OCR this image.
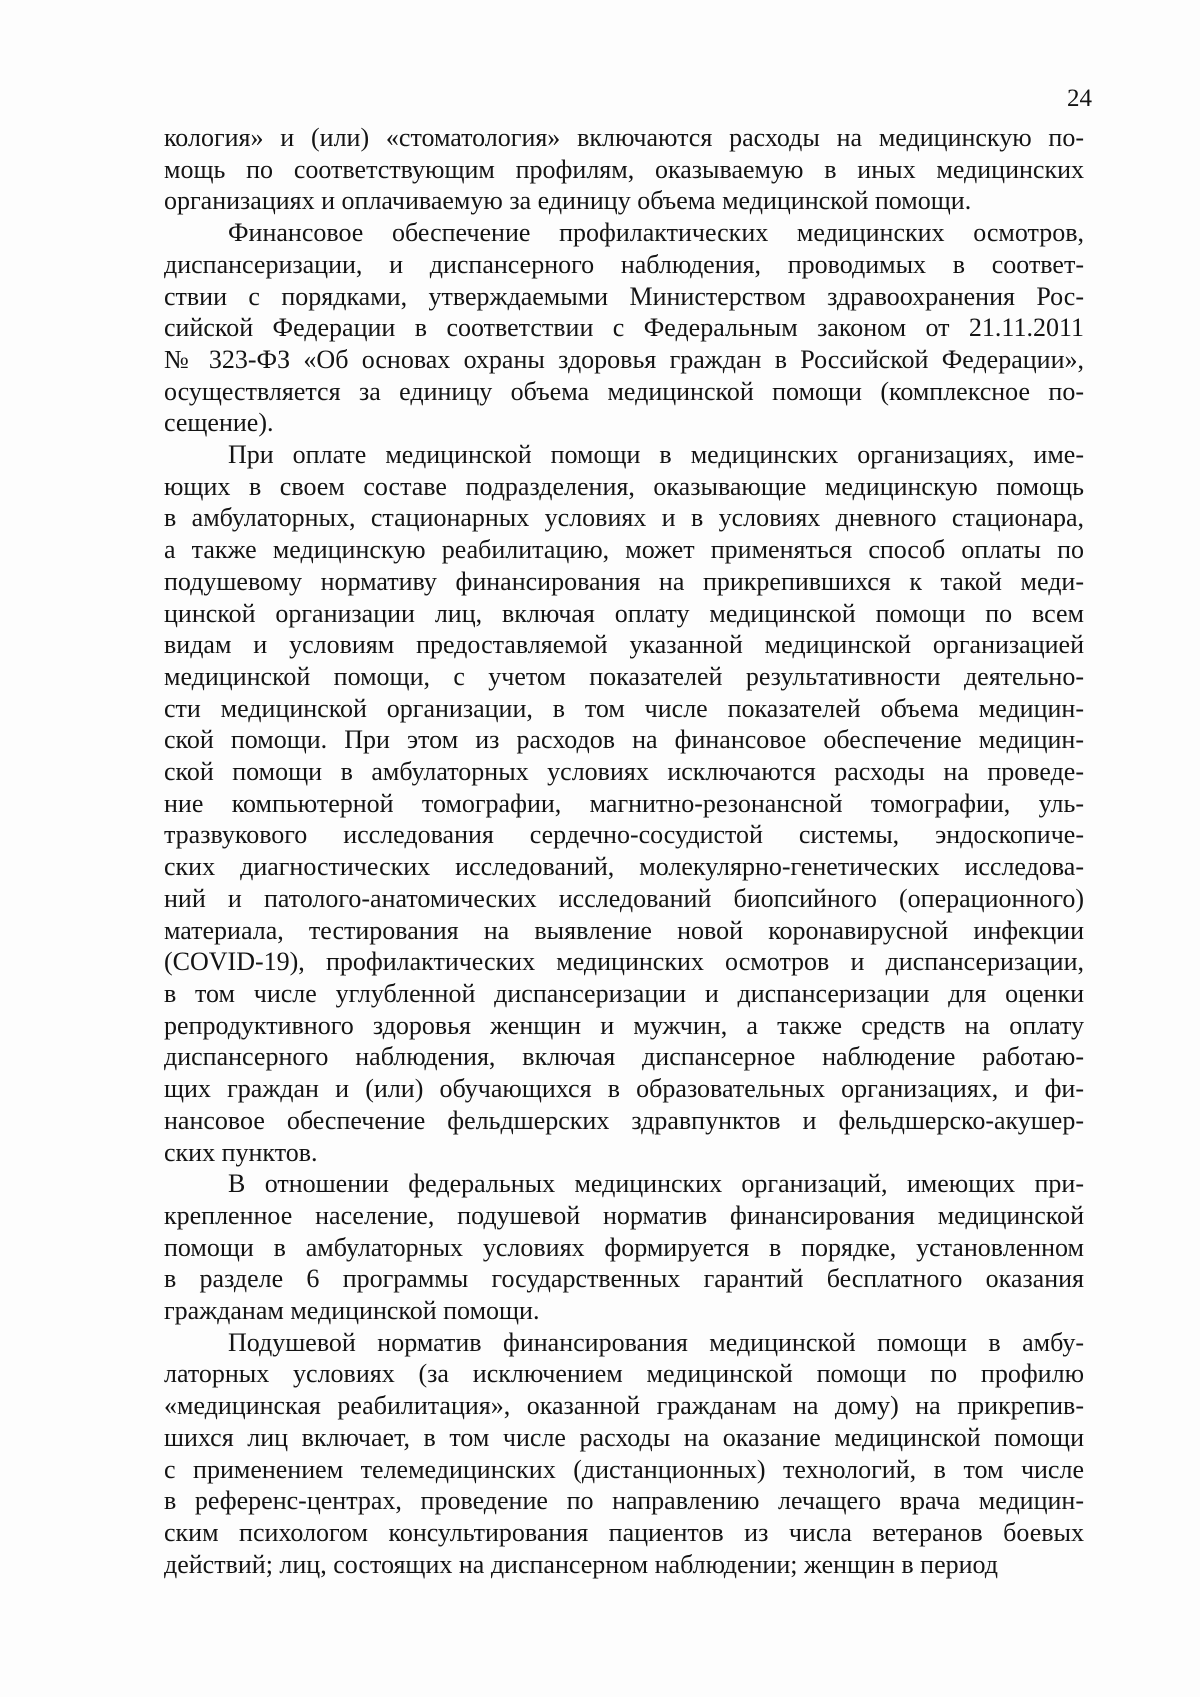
24
кология» и (или) «стоматология» включаются расходы на медицинскую по-
мощь по соответствующим профилям, оказываемую в иных медицинских
организациях и оплачиваемую за единицу объема медицинской помощи.
Финансовое обеспечение профилактических медицинских осмотров,
диспансеризации, и диспансерного наблюдения, проводимых в соответ-
ствии с порядками, утверждаемыми Министерством здравоохранения Рос-
сийской Федерации в соответствии с Федеральным законом от 21.11.2011
№ 323-ФЗ «Об основах охраны здоровья граждан в Российской Федерации»,
осуществляется за единицу объема медицинской помощи (комплексное по-
сещение).
При оплате медицинской помощи в медицинских организациях, име-
ющих в своем составе подразделения, оказывающие медицинскую помощь
в амбулаторных, стационарных условиях и в условиях дневного стационара,
а также медицинскую реабилитацию, может применяться способ оплаты по
подушевому нормативу финансирования на прикрепившихся к такой меди-
цинской организации лиц, включая оплату медицинской помощи по всем
видам и условиям предоставляемой указанной медицинской организацией
медицинской помощи, с учетом показателей результативности деятельно-
сти медицинской организации, в том числе показателей объема медицин-
ской помощи. При этом из расходов на финансовое обеспечение медицин-
ской помощи в амбулаторных условиях исключаются расходы на проведе-
ние компьютерной томографии, магнитно-резонансной томографии, уль-
тразвукового исследования сердечно-сосудистой системы, эндоскопиче-
ских диагностических исследований, молекулярно-генетических исследова-
ний и патолого-анатомических исследований биопсийного (операционного)
материала, тестирования на выявление новой коронавирусной инфекции
(COVID-19), профилактических медицинских осмотров и диспансеризации,
в том числе углубленной диспансеризации и диспансеризации для оценки
репродуктивного здоровья женщин и мужчин, а также средств на оплату
диспансерного наблюдения, включая диспансерное наблюдение работаю-
щих граждан и (или) обучающихся в образовательных организациях, и фи-
нансовое обеспечение фельдшерских здравпунктов и фельдшерско-акушер-
ских пунктов.
В отношении федеральных медицинских организаций, имеющих при-
крепленное население, подушевой норматив финансирования медицинской
помощи в амбулаторных условиях формируется в порядке, установленном
в разделе 6 программы государственных гарантий бесплатного оказания
гражданам медицинской помощи.
Подушевой норматив финансирования медицинской помощи в амбу-
латорных условиях (за исключением медицинской помощи по профилю
«медицинская реабилитация», оказанной гражданам на дому) на прикрепив-
шихся лиц включает, в том числе расходы на оказание медицинской помощи
с применением телемедицинских (дистанционных) технологий, в том числе
в референс-центрах, проведение по направлению лечащего врача медицин-
ским психологом консультирования пациентов из числа ветеранов боевых
действий; лиц, состоящих на диспансерном наблюдении; женщин в период
